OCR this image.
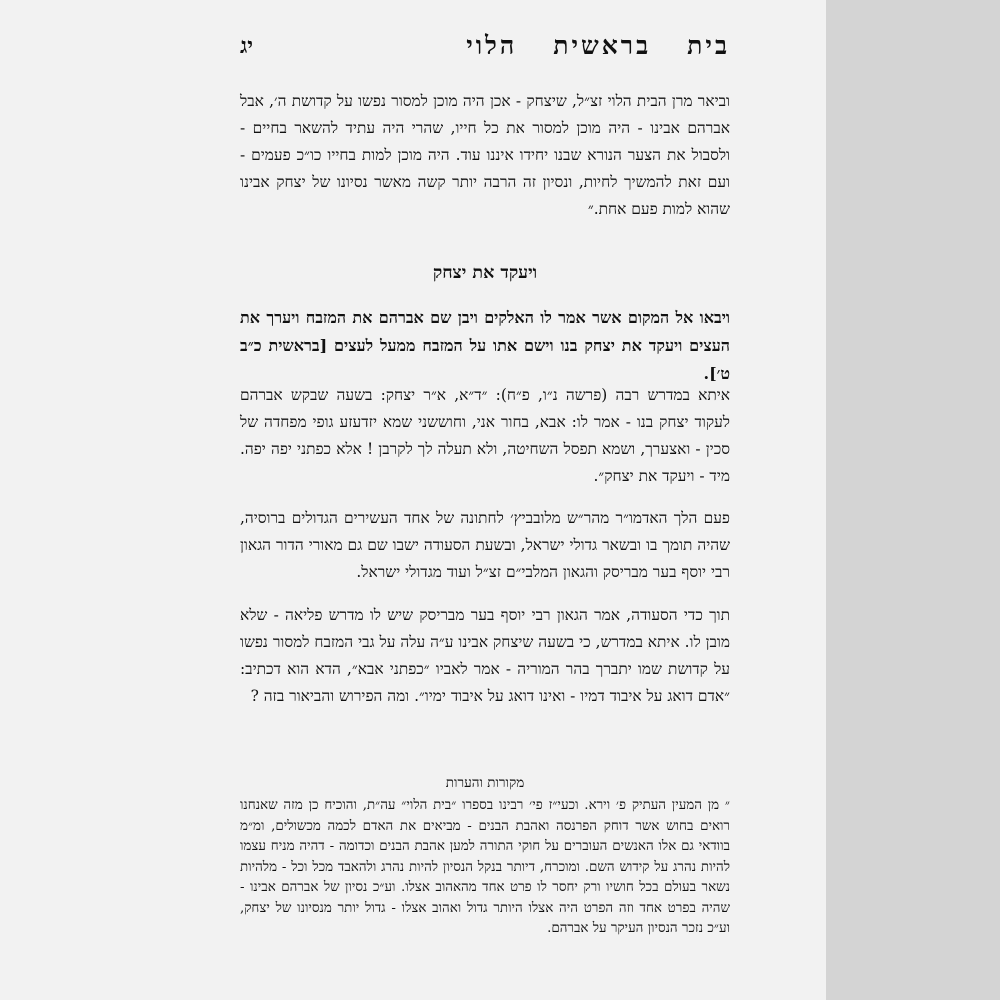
בית
בראשית
הלוי
יג

וביאר מרן הבית הלוי זצ״ל, שיצחק - אכן היה מוכן למסור נפשו על קדושת ה׳, אבל אברהם אבינו - היה מוכן למסור את כל חייו, שהרי היה עתיד להשאר בחיים - ולסבול את הצער הנורא שבנו יחידו איננו עוד. היה מוכן למות בחייו כו״כ פעמים - ועם זאת להמשיך לחיות, ונסיון זה הרבה יותר קשה מאשר נסיונו של יצחק אבינו שהוא למות פעם אחת.״

ויעקד את יצחק

ויבאו אל המקום אשר אמר לו האלקים ויבן שם אברהם את המזבח ויערך את העצים ויעקד את יצחק בנו וישם אתו על המזבח ממעל לעצים [בראשית כ״ב ט׳].

איתא במדרש רבה (פרשה נ״ו, פ״ח): ״ד״א, א״ר יצחק: בשעה שבקש אברהם לעקוד יצחק בנו - אמר לו: אבא, בחור אני, וחוששני שמא יזדעזע גופי מפחדה של סכין - ואצערך, ושמא תפסל השחיטה, ולא תעלה לך לקרבן ! אלא כפתני יפה יפה. מיד - ויעקד את יצחק״.

פעם הלך האדמו״ר מהר״ש מלובביץ׳ לחתונה של אחד העשירים הגדולים ברוסיה, שהיה תומך בו ובשאר גדולי ישראל, ובשעת הסעודה ישבו שם גם מאורי הדור הגאון רבי יוסף בער מבריסק והגאון המלבי״ם זצ״ל ועוד מגדולי ישראל.

תוך כדי הסעודה, אמר הגאון רבי יוסף בער מבריסק שיש לו מדרש פליאה - שלא מובן לו. איתא במדרש, כי בשעה שיצחק אבינו ע״ה עלה על גבי המזבח למסור נפשו על קדושת שמו יתברך בהר המוריה - אמר לאביו ״כפתני אבא״, הדא הוא דכתיב: ״אדם דואג על איבוד דמיו - ואינו דואג על איבוד ימיו״. ומה הפירוש והביאור בזה ?

מקורות והערות

״ מן המעין העתיק פ׳ וירא. וכעי״ז פי׳ רבינו בספרו ״בית הלוי״ עה״ת, והוכיח כן מזה שאנחנו רואים בחוש אשר דוחק הפרנסה ואהבת הבנים - מביאים את האדם לכמה מכשולים, ומ״מ בוודאי גם אלו האנשים העוברים על חוקי התורה למען אהבת הבנים וכדומה - דהיה מניח עצמו להיות נהרג על קידוש השם. ומוכרח, דיותר בנקל הנסיון להיות נהרג ולהאבד מכל וכל - מלהיות נשאר בעולם בכל חושיו ורק יחסר לו פרט אחד מהאהוב אצלו. וע״כ נסיון של אברהם אבינו - שהיה בפרט אחד וזה הפרט היה אצלו היותר גדול ואהוב אצלו - גדול יותר מנסיונו של יצחק, וע״כ נזכר הנסיון העיקר על אברהם.
